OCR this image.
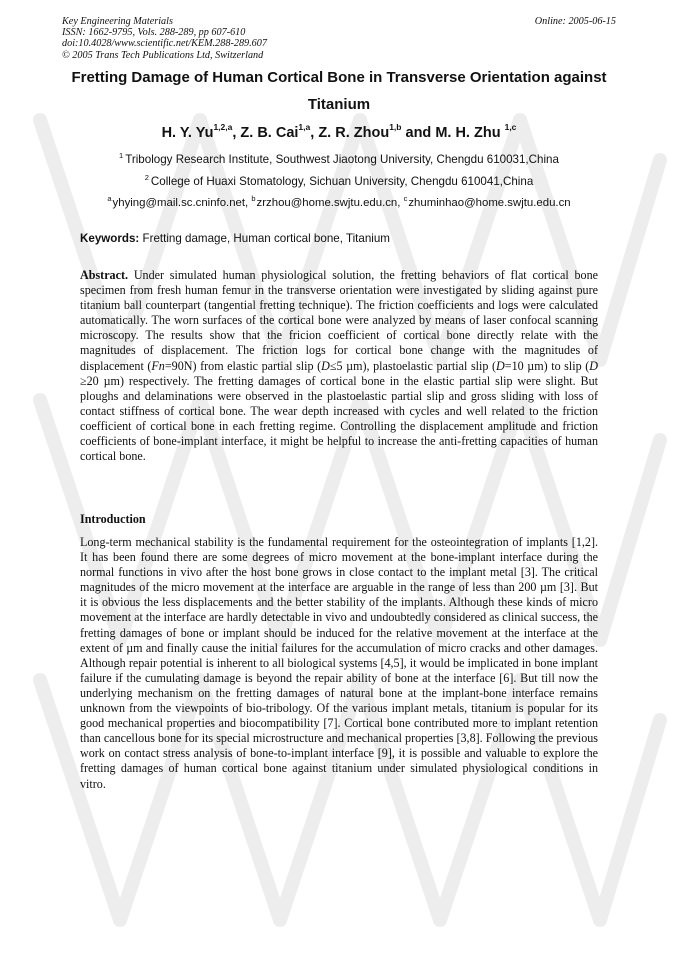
Key Engineering Materials
ISSN: 1662-9795, Vols. 288-289, pp 607-610
doi:10.4028/www.scientific.net/KEM.288-289.607
© 2005 Trans Tech Publications Ltd, Switzerland
Online: 2005-06-15
Fretting Damage of Human Cortical Bone in Transverse Orientation against Titanium
H. Y. Yu$^{1,2,a}$, Z. B. Cai$^{1,a}$, Z. R. Zhou$^{1,b}$ and M. H. Zhu $^{1,c}$
$^1$ Tribology Research Institute, Southwest Jiaotong University, Chengdu 610031,China
$^2$ College of Huaxi Stomatology, Sichuan University, Chengdu 610041,China
$^a$yhying@mail.sc.cninfo.net, $^b$zrzhou@home.swjtu.edu.cn, $^c$zhuminhao@home.swjtu.edu.cn
Keywords: Fretting damage, Human cortical bone, Titanium

Abstract. Under simulated human physiological solution, the fretting behaviors of flat cortical bone specimen from fresh human femur in the transverse orientation were investigated by sliding against pure titanium ball counterpart (tangential fretting technique). The friction coefficients and logs were calculated automatically. The worn surfaces of the cortical bone were analyzed by means of laser confocal scanning microscopy. The results show that the fricion coefficient of cortical bone directly relate with the magnitudes of displacement. The friction logs for cortical bone change with the magnitudes of displacement (Fn=90N) from elastic partial slip (D≤5 µm), plastoelastic partial slip (D=10 µm) to slip (D ≥20 µm) respectively. The fretting damages of cortical bone in the elastic partial slip were slight. But ploughs and delaminations were observed in the plastoelastic partial slip and gross sliding with loss of contact stiffness of cortical bone. The wear depth increased with cycles and well related to the friction coefficient of cortical bone in each fretting regime. Controlling the displacement amplitude and friction coefficients of bone-implant interface, it might be helpful to increase the anti-fretting capacities of human cortical bone.

Introduction

Long-term mechanical stability is the fundamental requirement for the osteointegration of implants [1,2]. It has been found there are some degrees of micro movement at the bone-implant interface during the normal functions in vivo after the host bone grows in close contact to the implant metal [3]. The critical magnitudes of the micro movement at the interface are arguable in the range of less than 200 µm [3]. But it is obvious the less displacements and the better stability of the implants. Although these kinds of micro movement at the interface are hardly detectable in vivo and undoubtedly considered as clinical success, the fretting damages of bone or implant should be induced for the relative movement at the interface at the extent of µm and finally cause the initial failures for the accumulation of micro cracks and other damages. Although repair potential is inherent to all biological systems [4,5], it would be implicated in bone implant failure if the cumulating damage is beyond the repair ability of bone at the interface [6]. But till now the underlying mechanism on the fretting damages of natural bone at the implant-bone interface remains unknown from the viewpoints of bio-tribology. Of the various implant metals, titanium is popular for its good mechanical properties and biocompatibility [7]. Cortical bone contributed more to implant retention than cancellous bone for its special microstructure and mechanical properties [3,8]. Following the previous work on contact stress analysis of bone-to-implant interface [9], it is possible and valuable to explore the fretting damages of human cortical bone against titanium under simulated physiological conditions in vitro.
